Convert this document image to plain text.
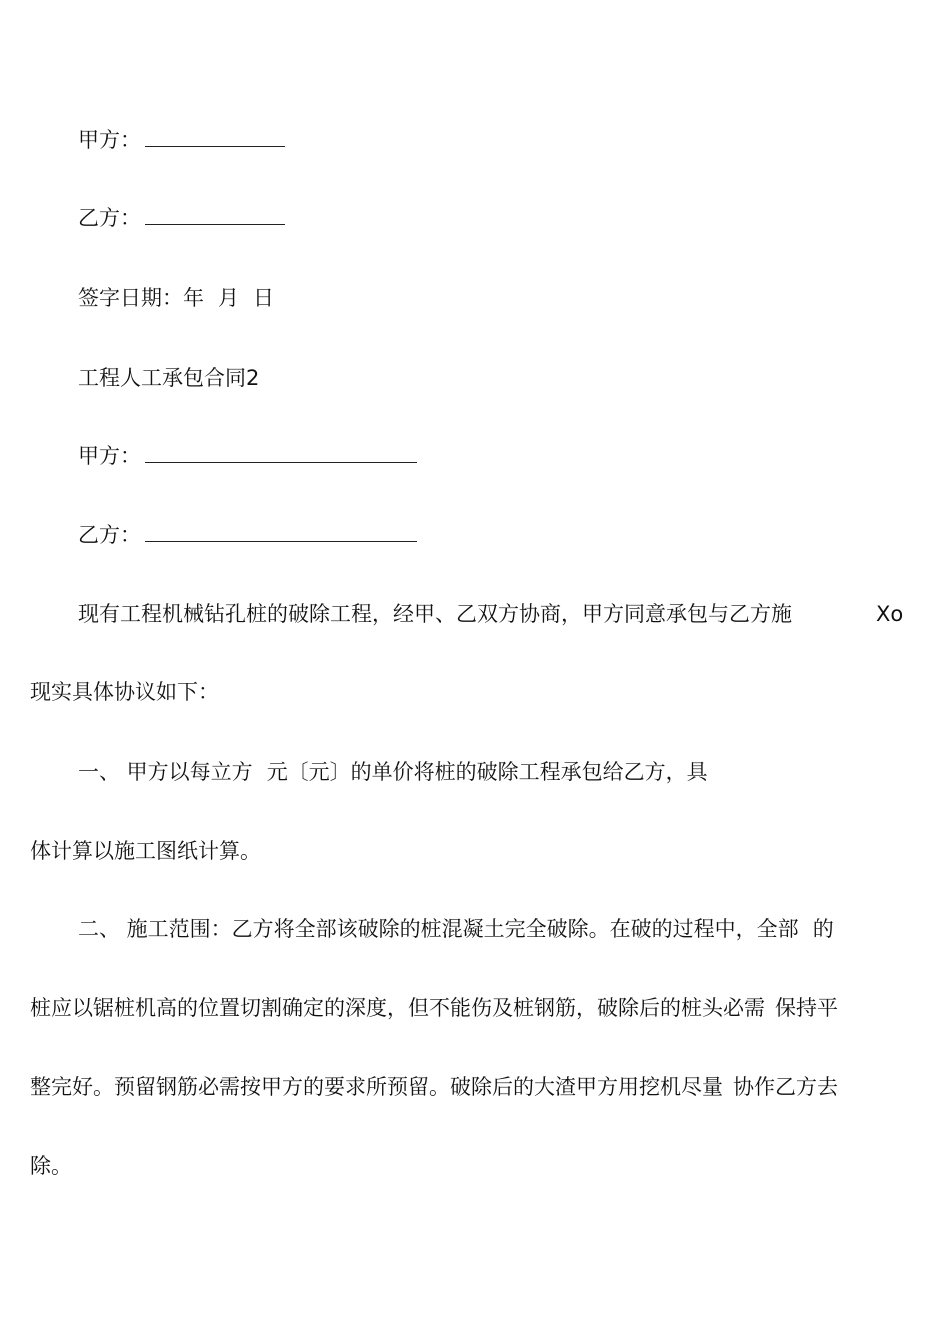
甲方：
乙方：
签字日期：年 月 日
工程人工承包合同2
甲方：
乙方：
现有工程机械钻孔桩的破除工程，经甲、乙双方协商，甲方同意承包与乙方施	Xo
现实具体协议如下：
一、 甲方以每立方 元〔元〕的单价将桩的破除工程承包给乙方，具
体计算以施工图纸计算。
二、 施工范围：乙方将全部该破除的桩混凝土完全破除。在破的过程中，全部 的
桩应以锯桩机高的位置切割确定的深度，但不能伤及桩钢筋，破除后的桩头必需 保持平
整完好。预留钢筋必需按甲方的要求所预留。破除后的大渣甲方用挖机尽量 协作乙方去
除。
